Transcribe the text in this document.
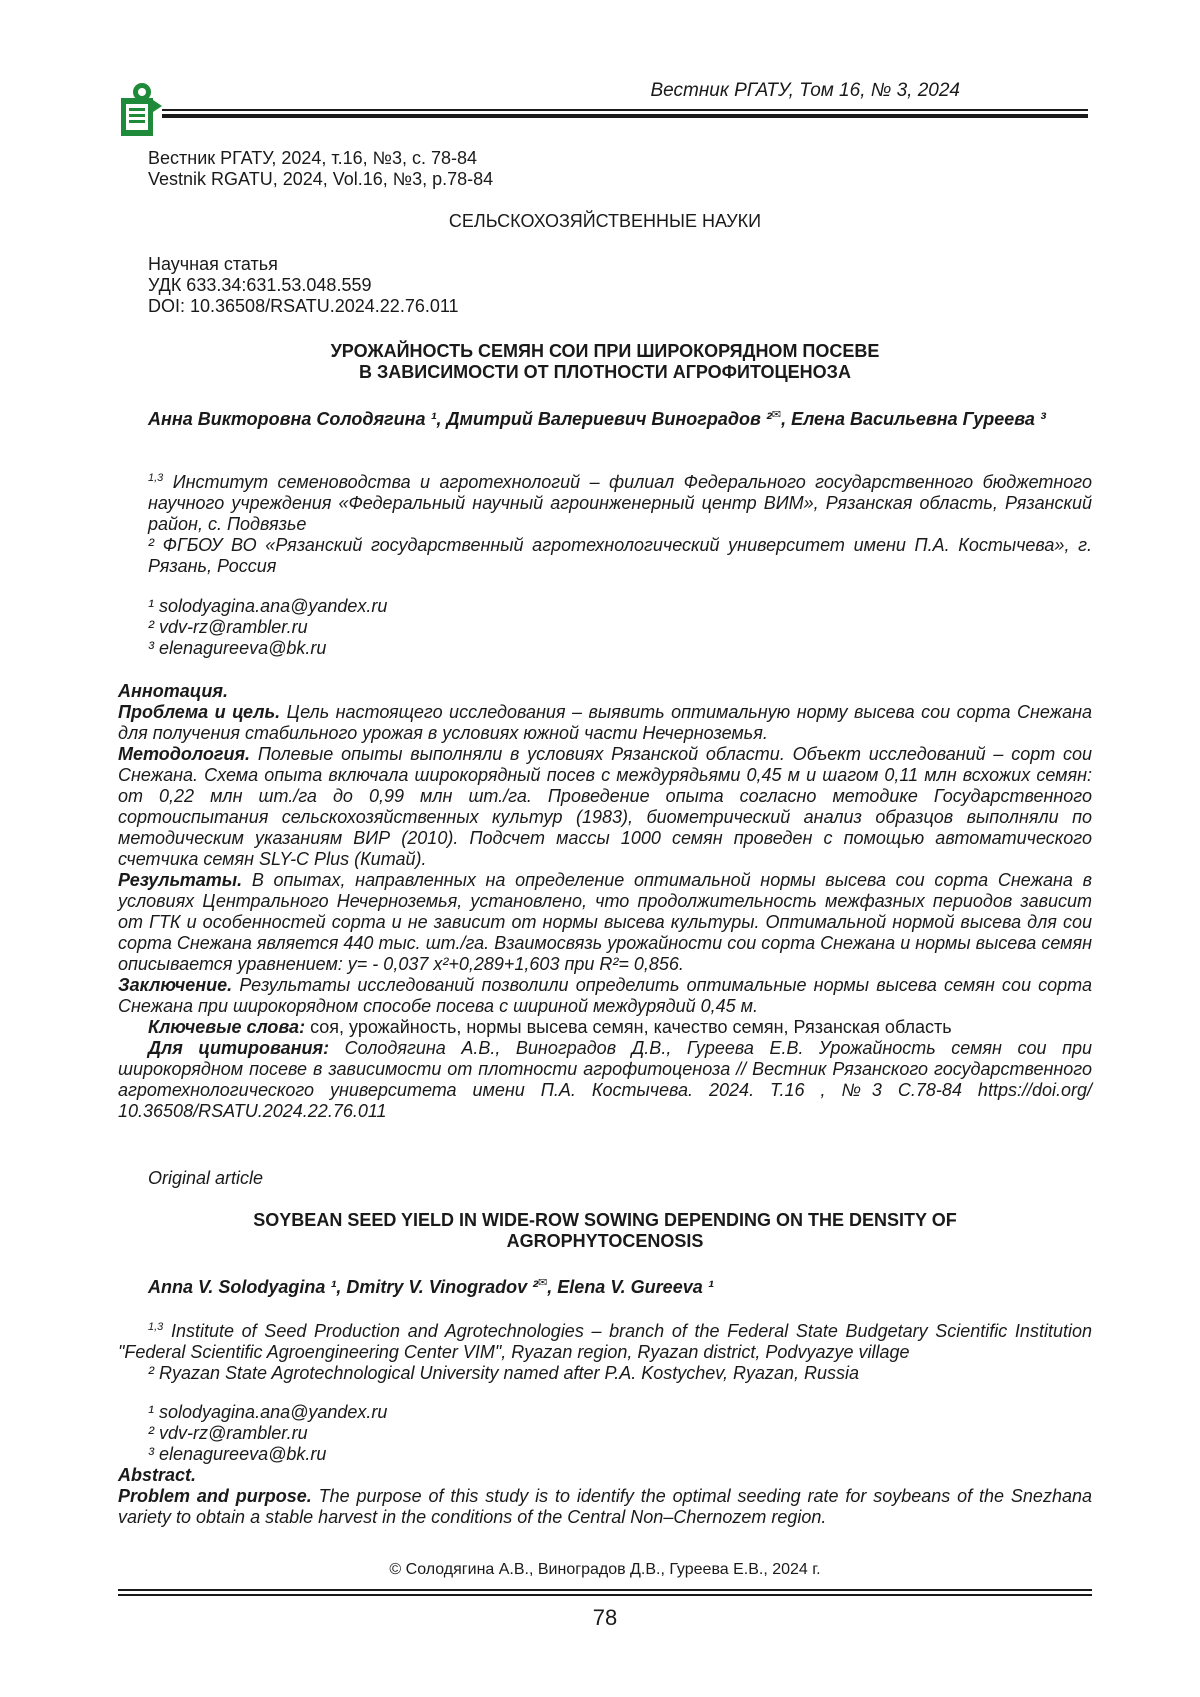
Вестник РГАТУ, Том 16, № 3, 2024

Вестник РГАТУ, 2024, т.16, №3, с. 78-84

Vestnik RGATU, 2024, Vol.16, №3, p.78-84

СЕЛЬСКОХОЗЯЙСТВЕННЫЕ НАУКИ

Научная статья

УДК 633.34:631.53.048.559

DOI: 10.36508/RSATU.2024.22.76.011

УРОЖАЙНОСТЬ СЕМЯН СОИ ПРИ ШИРОКОРЯДНОМ ПОСЕВЕ

В ЗАВИСИМОСТИ ОТ ПЛОТНОСТИ АГРОФИТОЦЕНОЗА

Анна Викторовна Солодягина ¹, Дмитрий Валериевич Виноградов ²✉, Елена Васильевна Гуреева ³

$^{1,3}$ Институт семеноводства и агротехнологий – филиал Федерального государственного бюджетного научного учреждения «Федеральный научный агроинженерный центр ВИМ», Рязанская область, Рязанский район, с. Подвязье

² ФГБОУ ВО «Рязанский государственный агротехнологический университет имени П.А. Костычева», г. Рязань, Россия

¹ solodyagina.ana@yandex.ru

² vdv-rz@rambler.ru

³ elenagureeva@bk.ru

Аннотация.

Проблема и цель. Цель настоящего исследования – выявить оптимальную норму высева сои сорта Снежана для получения стабильного урожая в условиях южной части Нечерноземья.

Методология. Полевые опыты выполняли в условиях Рязанской области. Объект исследований – сорт сои Снежана. Схема опыта включала широкорядный посев с междурядьями 0,45 м и шагом 0,11 млн всхожих семян: от 0,22 млн шт./га до 0,99 млн шт./га. Проведение опыта согласно методике Государственного сортоиспытания сельскохозяйственных культур (1983), биометрический анализ образцов выполняли по методическим указаниям ВИР (2010). Подсчет массы 1000 семян проведен с помощью автоматического счетчика семян SLY-C Plus (Китай).

Результаты. В опытах, направленных на определение оптимальной нормы высева сои сорта Снежана в условиях Центрального Нечерноземья, установлено, что продолжительность межфазных периодов зависит от ГТК и особенностей сорта и не зависит от нормы высева культуры. Оптимальной нормой высева для сои сорта Снежана является 440 тыс. шт./га. Взаимосвязь урожайности сои сорта Снежана и нормы высева семян описывается уравнением: y= - 0,037 x²+0,289+1,603 при R²= 0,856.

Заключение. Результаты исследований позволили определить оптимальные нормы высева семян сои сорта Снежана при широкорядном способе посева с шириной междурядий 0,45 м.

Ключевые слова: соя, урожайность, нормы высева семян, качество семян, Рязанская область

Для цитирования: Солодягина А.В., Виноградов Д.В., Гуреева Е.В. Урожайность семян сои при широкорядном посеве в зависимости от плотности агрофитоценоза // Вестник Рязанского государственного агротехнологического университета имени П.А. Костычева. 2024. Т.16 , №3 С.78-84 https://doi.org/ 10.36508/RSATU.2024.22.76.011

Original article

SOYBEAN SEED YIELD IN WIDE-ROW SOWING DEPENDING ON THE DENSITY OF

AGROPHYTOCENOSIS

Anna V. Solodyagina ¹, Dmitry V. Vinogradov ²✉, Elena V. Gureeva ¹

$^{1,3}$ Institute of Seed Production and Agrotechnologies – branch of the Federal State Budgetary Scientific Institution "Federal Scientific Agroengineering Center VIM", Ryazan region, Ryazan district, Podvyazye village

² Ryazan State Agrotechnological University named after P.A. Kostychev, Ryazan, Russia

¹ solodyagina.ana@yandex.ru

² vdv-rz@rambler.ru

³ elenagureeva@bk.ru

Abstract.

Problem and purpose. The purpose of this study is to identify the optimal seeding rate for soybeans of the Snezhana variety to obtain a stable harvest in the conditions of the Central Non–Chernozem region.

© Солодягина А.В., Виноградов Д.В., Гуреева Е.В., 2024 г.
78
